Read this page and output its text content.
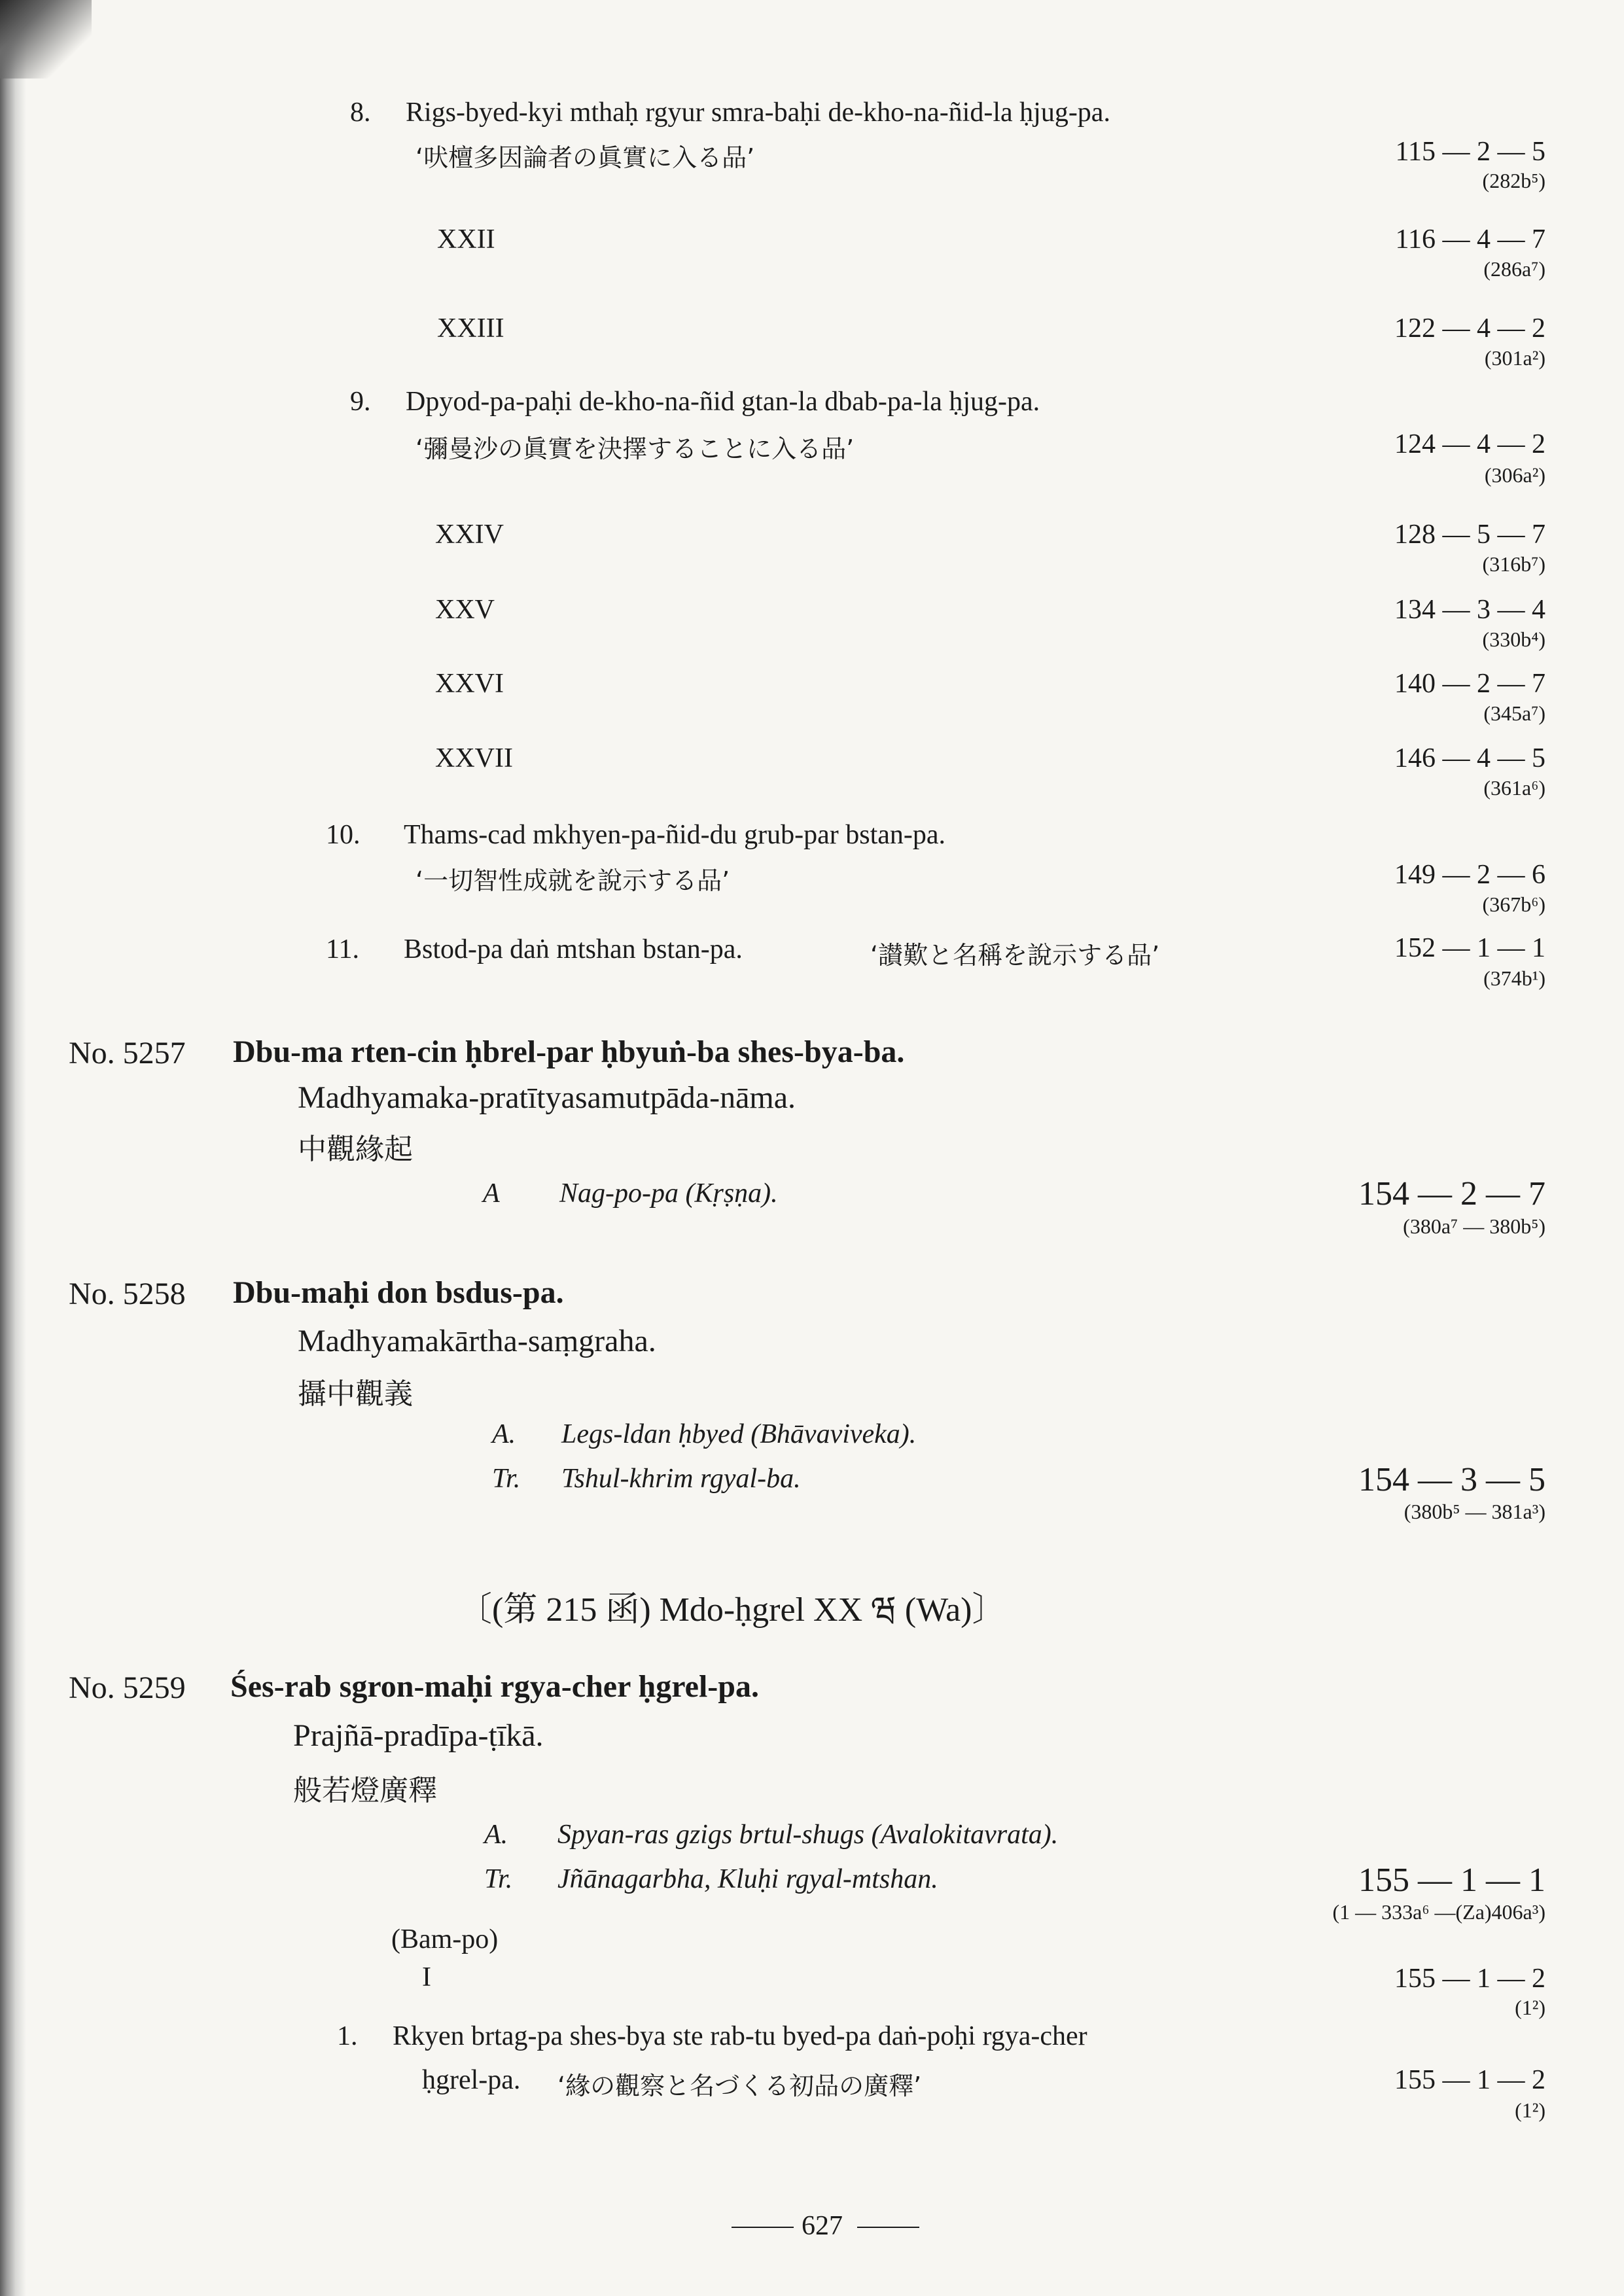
8. Rigs-byed-kyi mthaḥ rgyur smra-baḥi de-kho-na-ñid-la ḥjug-pa.
‘吠檀多因論者の眞實に入る品’	115 — 2 — 5
(282b⁵)
XXII	116 — 4 — 7
(286a⁷)
XXIII	122 — 4 — 2
(301a²)
9. Dpyod-pa-paḥi de-kho-na-ñid gtan-la dbab-pa-la ḥjug-pa.
‘彌曼沙の眞實を決擇することに入る品’	124 — 4 — 2
(306a²)
XXIV	128 — 5 — 7
(316b⁷)
XXV	134 — 3 — 4
(330b⁴)
XXVI	140 — 2 — 7
(345a⁷)
XXVII	146 — 4 — 5
(361a⁶)
10. Thams-cad mkhyen-pa-ñid-du grub-par bstan-pa.
‘一切智性成就を說示する品’	149 — 2 — 6
(367b⁶)
11. Bstod-pa daṅ mtshan bstan-pa.	‘讃歎と名稱を說示する品’	152 — 1 — 1
(374b¹)
No. 5257 Dbu-ma rten-cin ḥbrel-par ḥbyuṅ-ba shes-bya-ba.
Madhyamaka-pratītyasamutpāda-nāma.
中觀緣起
A Nag-po-pa (Kṛṣṇa).	154 — 2 — 7
(380a⁷ — 380b⁵)
No. 5258 Dbu-maḥi don bsdus-pa.
Madhyamakārtha-saṃgraha.
攝中觀義
A. Legs-ldan ḥbyed (Bhāvaviveka).
Tr. Tshul-khrim rgyal-ba.	154 — 3 — 5
(380b⁵ — 381a³)
〔(第 215 函) Mdo-ḥgrel XX ཝ (Wa)〕
No. 5259 Śes-rab sgron-maḥi rgya-cher ḥgrel-pa.
Prajñā-pradīpa-ṭīkā.
般若燈廣釋
A. Spyan-ras gzigs brtul-shugs (Avalokitavrata).
Tr. Jñānagarbha, Kluḥi rgyal-mtshan.	155 — 1 — 1
(1 — 333a⁶ —(Za)406a³)
(Bam-po)
I	155 — 1 — 2
(1²)
1. Rkyen brtag-pa shes-bya ste rab-tu byed-pa daṅ-poḥi rgya-cher
ḥgrel-pa. ‘緣の觀察と名づくる初品の廣釋’	155 — 1 — 2
(1²)
627
